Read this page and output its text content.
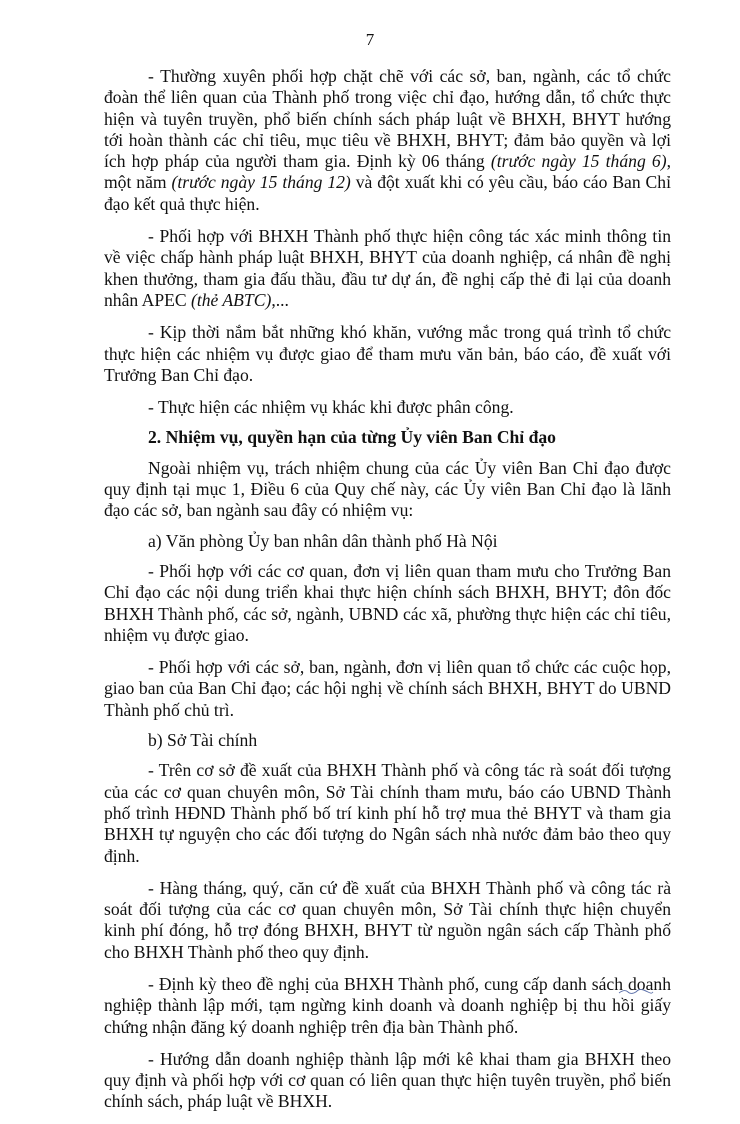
7

- Thường xuyên phối hợp chặt chẽ với các sở, ban, ngành, các tổ chức đoàn thể liên quan của Thành phố trong việc chỉ đạo, hướng dẫn, tổ chức thực hiện và tuyên truyền, phổ biến chính sách pháp luật về BHXH, BHYT hướng tới hoàn thành các chỉ tiêu, mục tiêu về BHXH, BHYT; đảm bảo quyền và lợi ích hợp pháp của người tham gia. Định kỳ 06 tháng (trước ngày 15 tháng 6), một năm (trước ngày 15 tháng 12) và đột xuất khi có yêu cầu, báo cáo Ban Chỉ đạo kết quả thực hiện.

- Phối hợp với BHXH Thành phố thực hiện công tác xác minh thông tin về việc chấp hành pháp luật BHXH, BHYT của doanh nghiệp, cá nhân đề nghị khen thưởng, tham gia đấu thầu, đầu tư dự án, đề nghị cấp thẻ đi lại của doanh nhân APEC (thẻ ABTC),...

- Kịp thời nắm bắt những khó khăn, vướng mắc trong quá trình tổ chức thực hiện các nhiệm vụ được giao để tham mưu văn bản, báo cáo, đề xuất với Trưởng Ban Chỉ đạo.

- Thực hiện các nhiệm vụ khác khi được phân công.

2. Nhiệm vụ, quyền hạn của từng Ủy viên Ban Chỉ đạo

Ngoài nhiệm vụ, trách nhiệm chung của các Ủy viên Ban Chỉ đạo được quy định tại mục 1, Điều 6 của Quy chế này, các Ủy viên Ban Chỉ đạo là lãnh đạo các sở, ban ngành sau đây có nhiệm vụ:

a) Văn phòng Ủy ban nhân dân thành phố Hà Nội

- Phối hợp với các cơ quan, đơn vị liên quan tham mưu cho Trưởng Ban Chỉ đạo các nội dung triển khai thực hiện chính sách BHXH, BHYT; đôn đốc BHXH Thành phố, các sở, ngành, UBND các xã, phường thực hiện các chỉ tiêu, nhiệm vụ được giao.

- Phối hợp với các sở, ban, ngành, đơn vị liên quan tổ chức các cuộc họp, giao ban của Ban Chỉ đạo; các hội nghị về chính sách BHXH, BHYT do UBND Thành phố chủ trì.

b) Sở Tài chính

- Trên cơ sở đề xuất của BHXH Thành phố và công tác rà soát đối tượng của các cơ quan chuyên môn, Sở Tài chính tham mưu, báo cáo UBND Thành phố trình HĐND Thành phố bố trí kinh phí hỗ trợ mua thẻ BHYT và tham gia BHXH tự nguyện cho các đối tượng do Ngân sách nhà nước đảm bảo theo quy định.

- Hàng tháng, quý, căn cứ đề xuất của BHXH Thành phố và công tác rà soát đối tượng của các cơ quan chuyên môn, Sở Tài chính thực hiện chuyển kinh phí đóng, hỗ trợ đóng BHXH, BHYT từ nguồn ngân sách cấp Thành phố cho BHXH Thành phố theo quy định.

- Định kỳ theo đề nghị của BHXH Thành phố, cung cấp danh sách doanh nghiệp thành lập mới, tạm ngừng kinh doanh và doanh nghiệp bị thu hồi giấy chứng nhận đăng ký doanh nghiệp trên địa bàn Thành phố.

- Hướng dẫn doanh nghiệp thành lập mới kê khai tham gia BHXH theo quy định và phối hợp với cơ quan có liên quan thực hiện tuyên truyền, phổ biến chính sách, pháp luật về BHXH.
